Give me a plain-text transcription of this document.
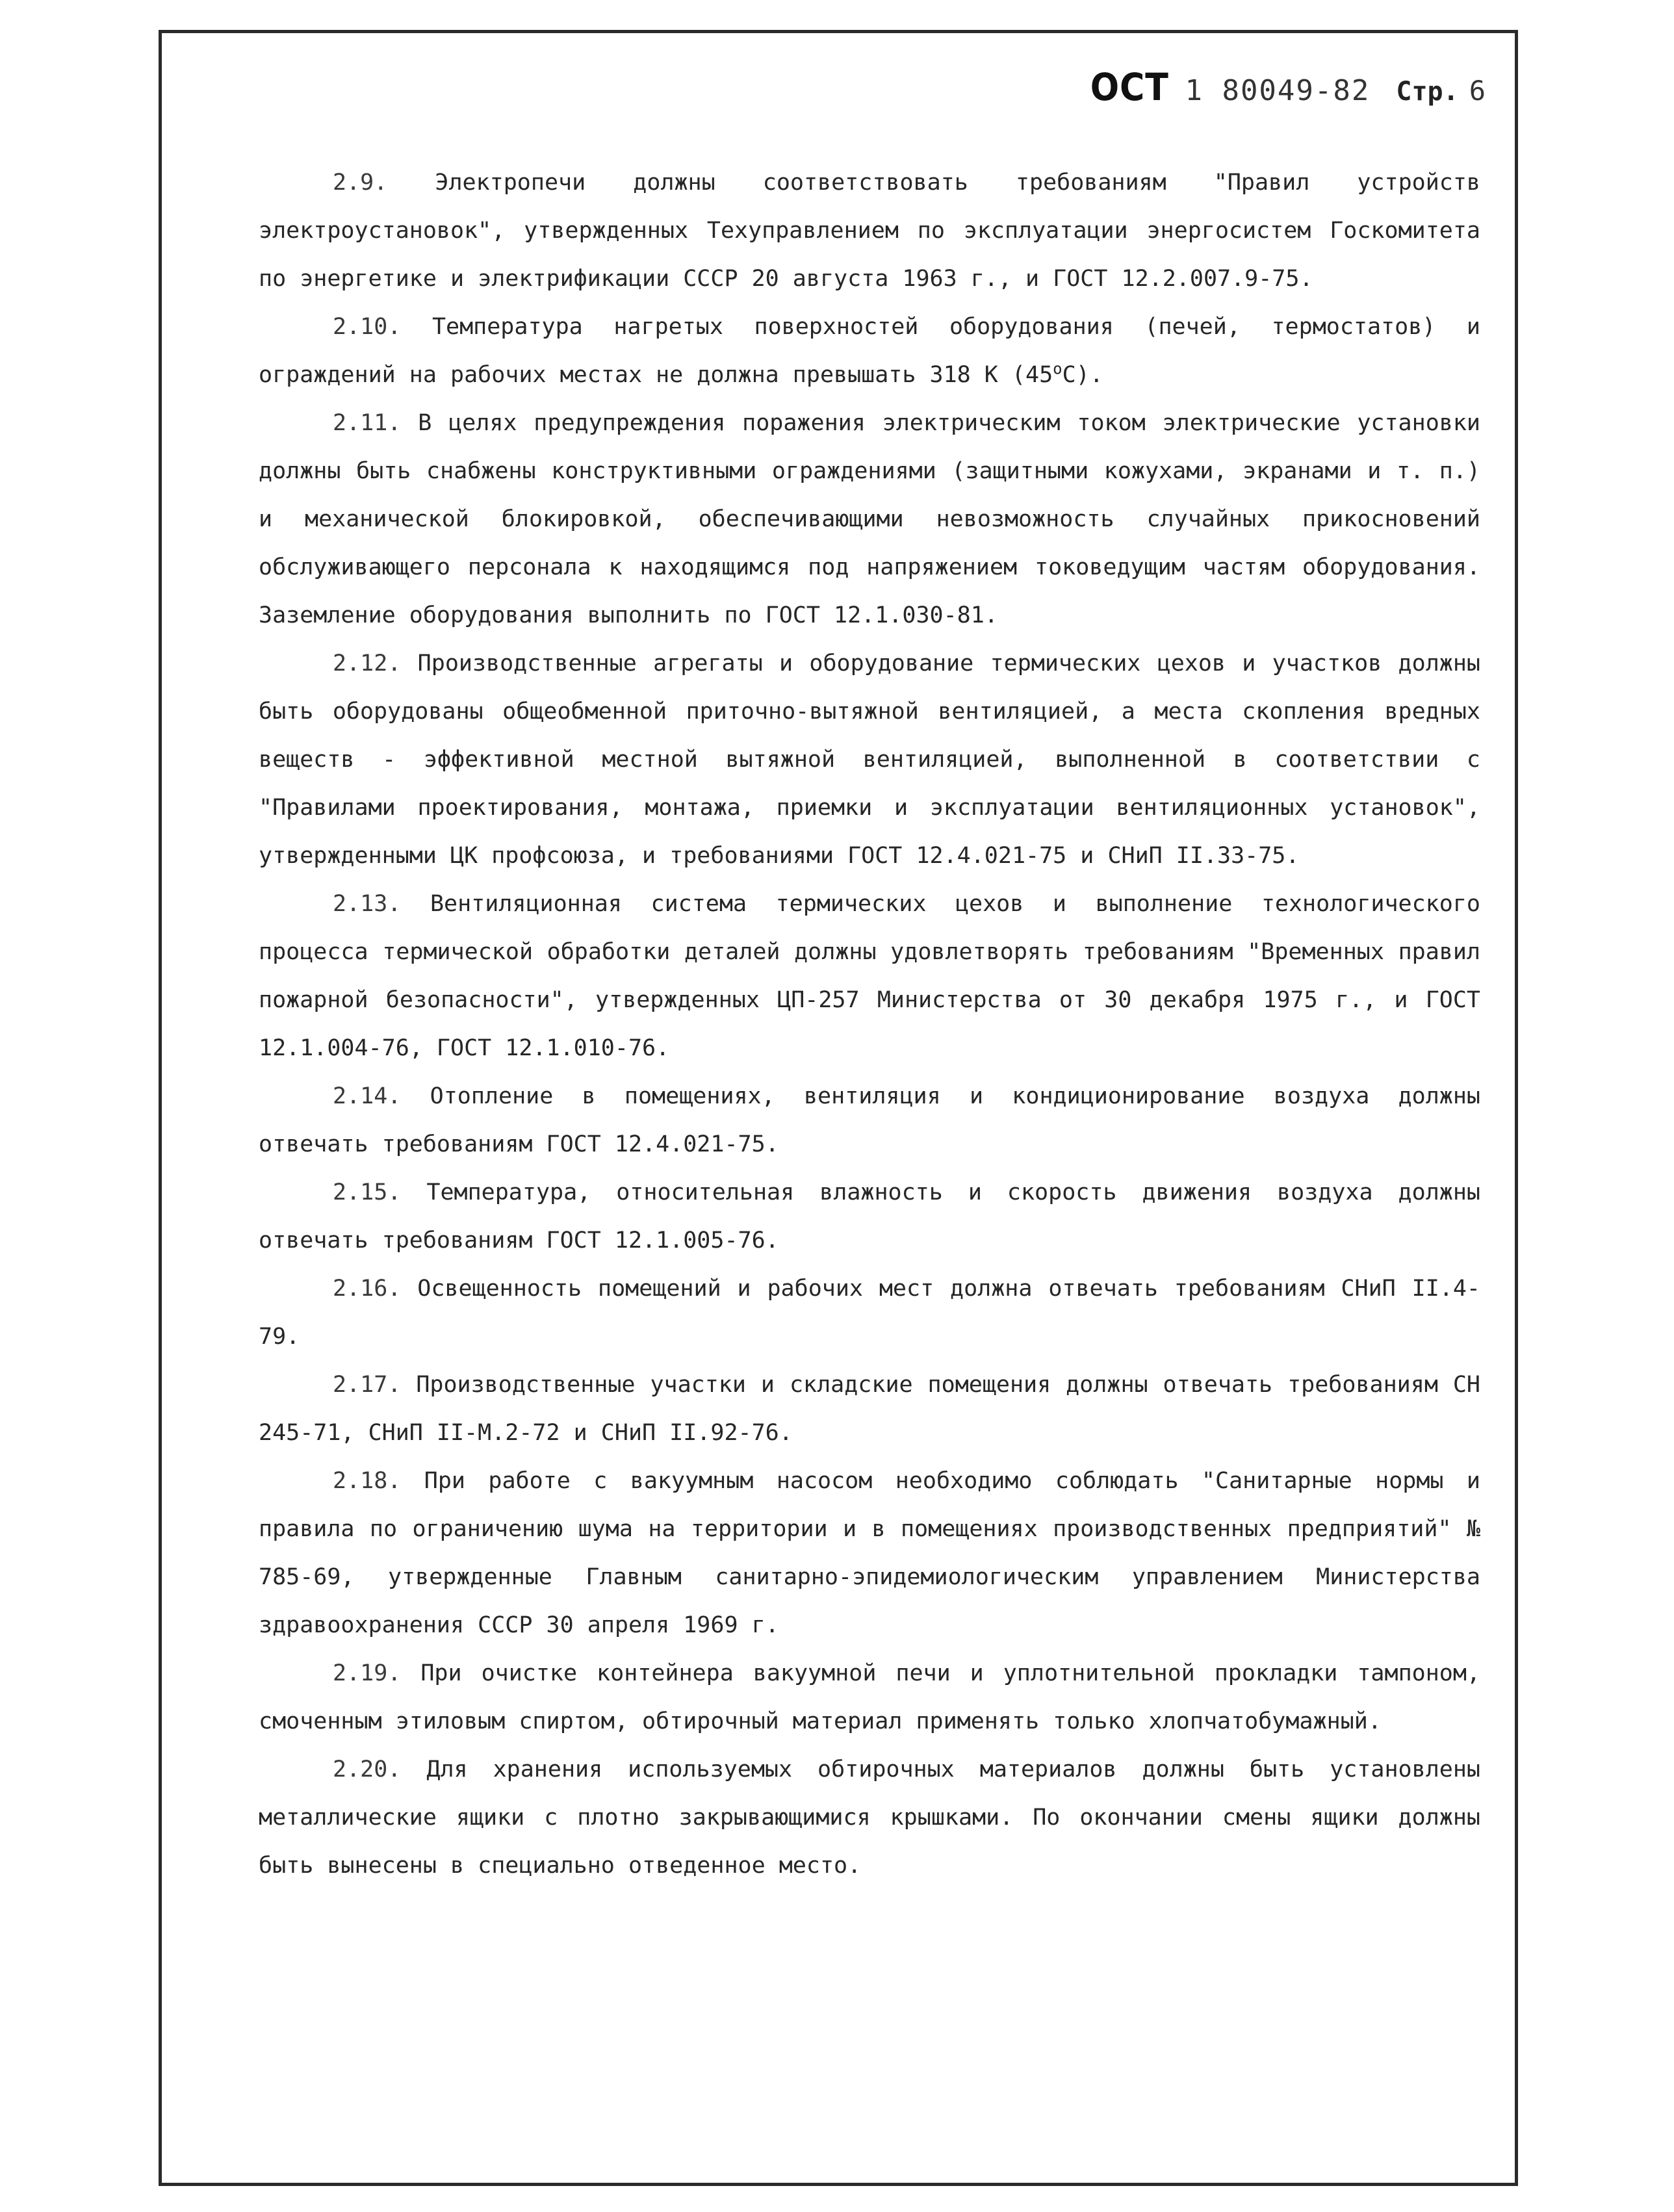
ОСТ 1 80049-82 Стр. 6

2.9. Электропечи должны соответствовать требованиям "Правил устройств электроустановок", утвержденных Техуправлением по эксплуатации энергосистем Госкомитета по энергетике и электрификации СССР 20 августа 1963 г., и ГОСТ 12.2.007.9-75.

2.10. Температура нагретых поверхностей оборудования (печей, термостатов) и ограждений на рабочих местах не должна превышать 318 К $(45^оС)$.

2.11. В целях предупреждения поражения электрическим током электрические установки должны быть снабжены конструктивными ограждениями (защитными кожухами, экранами и т. п.) и механической блокировкой, обеспечивающими невозможность случайных прикосновений обслуживающего персонала к находящимся под напряжением токоведущим частям оборудования. Заземление оборудования выполнить по ГОСТ 12.1.030-81.

2.12. Производственные агрегаты и оборудование термических цехов и участков должны быть оборудованы общеобменной приточно-вытяжной вентиляцией, а места скопления вредных веществ - эффективной местной вытяжной вентиляцией, выполненной в соответствии с "Правилами проектирования, монтажа, приемки и эксплуатации вентиляционных установок", утвержденными ЦК профсоюза, и требованиями ГОСТ 12.4.021-75 и СНиП II.33-75.

2.13. Вентиляционная система термических цехов и выполнение технологического процесса термической обработки деталей должны удовлетворять требованиям "Временных правил пожарной безопасности", утвержденных ЦП-257 Министерства от 30 декабря 1975 г., и ГОСТ 12.1.004-76, ГОСТ 12.1.010-76.

2.14. Отопление в помещениях, вентиляция и кондиционирование воздуха должны отвечать требованиям ГОСТ 12.4.021-75.

2.15. Температура, относительная влажность и скорость движения воздуха должны отвечать требованиям ГОСТ 12.1.005-76.

2.16. Освещенность помещений и рабочих мест должна отвечать требованиям СНиП II.4-79.

2.17. Производственные участки и складские помещения должны отвечать требованиям СН 245-71, СНиП II-М.2-72 и СНиП II.92-76.

2.18. При работе с вакуумным насосом необходимо соблюдать "Санитарные нормы и правила по ограничению шума на территории и в помещениях производственных предприятий" № 785-69, утвержденные Главным санитарно-эпидемиологическим управлением Министерства здравоохранения СССР 30 апреля 1969 г.

2.19. При очистке контейнера вакуумной печи и уплотнительной прокладки тампоном, смоченным этиловым спиртом, обтирочный материал применять только хлопчатобумажный.

2.20. Для хранения используемых обтирочных материалов должны быть установлены металлические ящики с плотно закрывающимися крышками. По окончании смены ящики должны быть вынесены в специально отведенное место.
